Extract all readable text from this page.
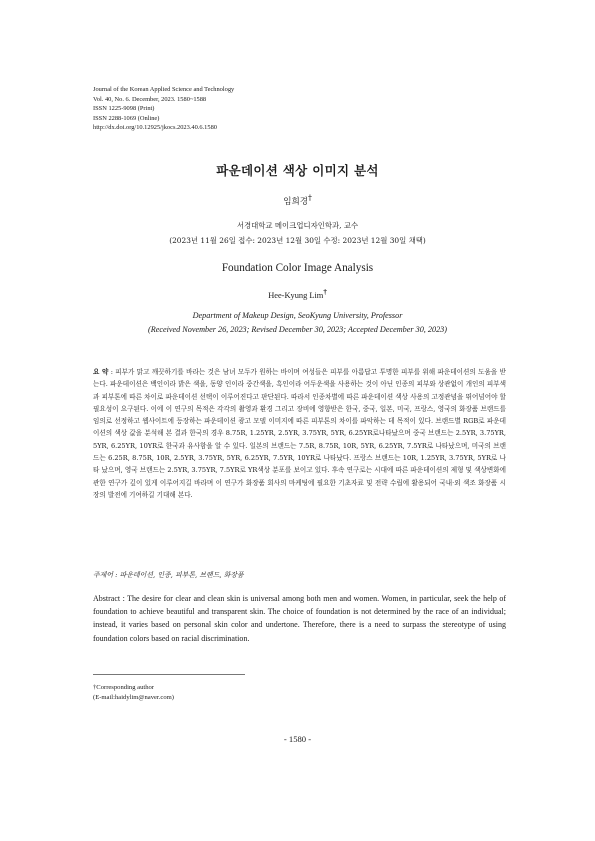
Journal of the Korean Applied Science and Technology
Vol. 40, No. 6. December, 2023. 1580~1588
ISSN 1225-9098 (Print)
ISSN 2288-1069 (Online)
http://dx.doi.org/10.12925/jkocs.2023.40.6.1580
파운데이션 색상 이미지 분석
임희경†
서경대학교 메이크업디자인학과, 교수
(2023년 11월 26일 접수: 2023년 12월 30일 수정: 2023년 12월 30일 채택)
Foundation Color Image Analysis
Hee-Kyung Lim†
Department of Makeup Design, SeoKyung University, Professor
(Received November 26, 2023; Revised December 30, 2023; Accepted December 30, 2023)
요 약 : 피부가 맑고 깨끗하기를 바라는 것은 남녀 모두가 원하는 바이며 여성들은 피부를 아름답고 투명한 피부를 위해 파운데이션의 도움을 받는다. 파운데이션은 백인이라 밝은 색을, 동양 인이라 중간색을, 흑인이라 어두운색을 사용하는 것이 아닌 인종의 피부와 상관없이 개인의 피부색과 피부톤에 따른 차이로 파운데이션 선택이 이루어진다고 판단된다. 따라서 인종차별에 따른 파운데이션 색상 사용의 고정관념을 뛰어넘어야 할 필요성이 요구된다. 이에 이 연구의 목적은 각각의 촬영과 환경 그리고 장비에 영향받은 한국, 중국, 일본, 미국, 프랑스, 영국의 화장품 브랜드를 임의로 선정하고 웹사이트에 등장하는 파운데이션 광고 모델 이미지에 따른 피부톤의 차이를 파악하는 데 목적이 있다. 브랜드별 RGB로 파운데이션의 색상 값을 분석해 본 결과 한국의 경우 8.75R, 1.25YR, 2.5YR, 3.75YR, 5YR, 6.25YR로나타났으며 중국 브랜드는 2.5YR, 3.75YR, 5YR, 6.25YR, 10YR로 한국과 유사함을 알 수 있다. 일본의 브랜드는 7.5R, 8.75R, 10R, 5YR, 6.25YR, 7.5YR로 나타났으며, 미국의 브랜드는 6.25R, 8.75R, 10R, 2.5YR, 3.75YR, 5YR, 6.25YR, 7.5YR, 10YR로 나타났다. 프랑스 브랜드는 10R, 1.25YR, 3.75YR, 5YR로 나타 났으며, 영국 브랜드는 2.5YR, 3.75YR, 7.5YR로 YR색상 분포를 보이고 있다. 후속 연구로는 시대에 따른 파운데이션의 제형 및 색상변화에 관한 연구가 깊이 있게 이루어지길 바라며 이 연구가 화장품 회사의 마케팅에 필요한 기초자료 및 전략 수립에 활용되어 국내·외 색조 화장품 시장의 발전에 기여하길 기대해 본다.
주제어 : 파운데이션, 인종, 피부톤, 브랜드, 화장품
Abstract : The desire for clear and clean skin is universal among both men and women. Women, in particular, seek the help of foundation to achieve beautiful and transparent skin. The choice of foundation is not determined by the race of an individual; instead, it varies based on personal skin color and undertone. Therefore, there is a need to surpass the stereotype of using foundation colors based on racial discrimination.
†Corresponding author
(E-mail:haidylim@naver.com)
- 1580 -
